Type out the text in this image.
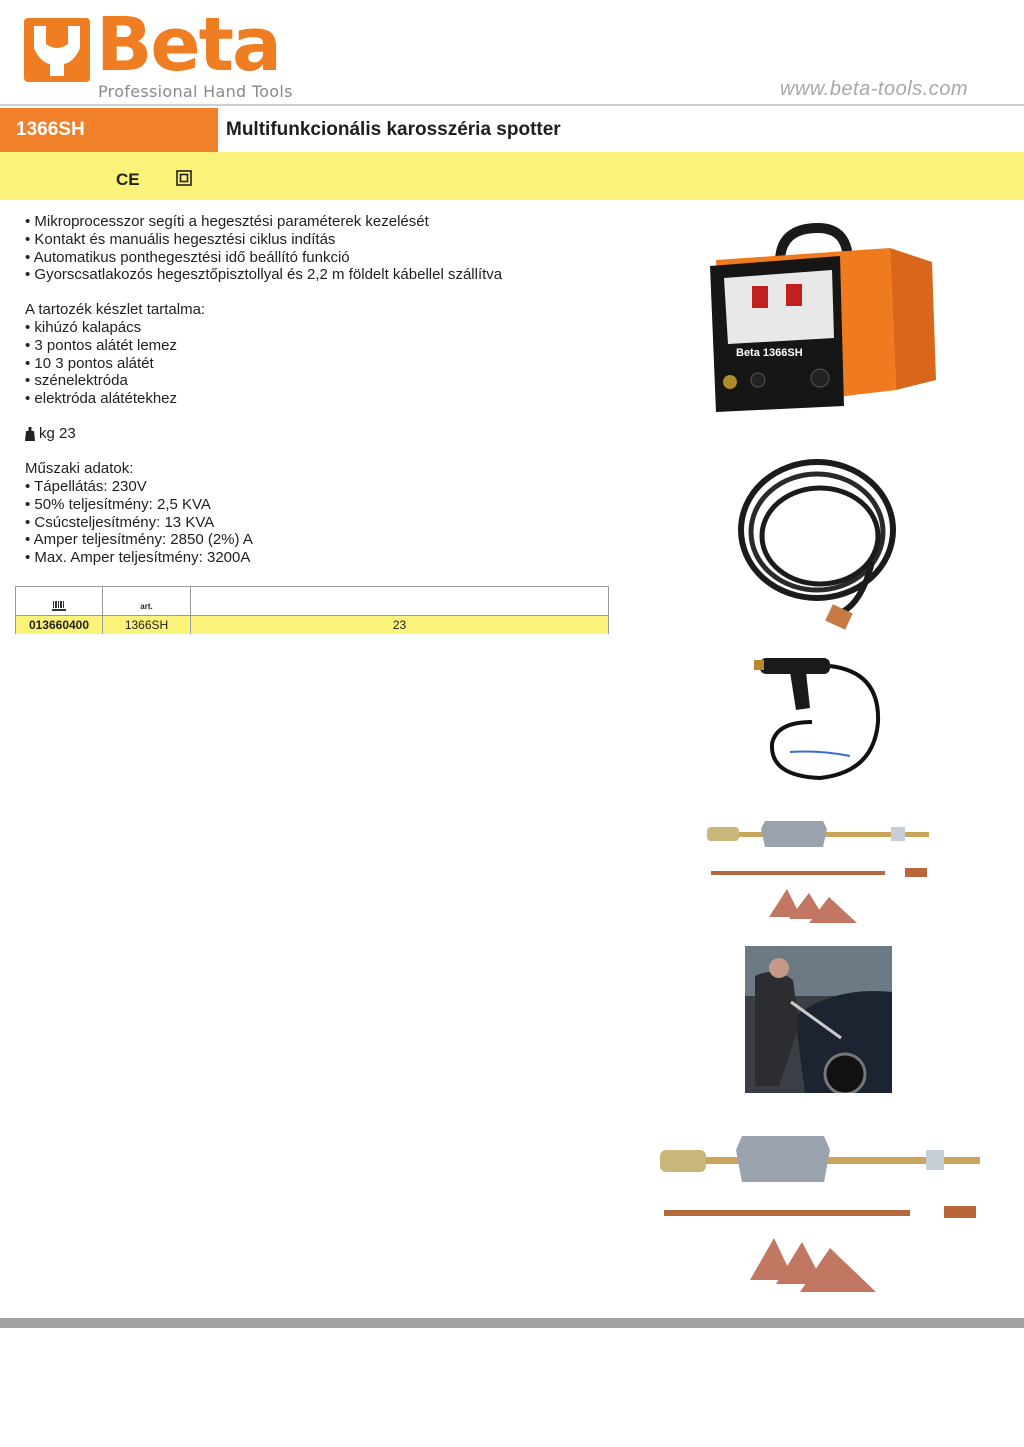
Beta
Professional Hand Tools	www.beta-tools.com
1366SH	Multifunkcionális karosszéria spotter
CE
• Mikroprocesszor segíti a hegesztési paraméterek kezelését
• Kontakt és manuális hegesztési ciklus indítás
• Automatikus ponthegesztési idő beállító funkció
• Gyorscsatlakozós hegesztőpisztollyal és 2,2 m földelt kábellel szállítva
A tartozék készlet tartalma:
• kihúzó kalapács
• 3 pontos alátét lemez
• 10 3 pontos alátét
• szénelektróda
• elektróda alátétekhez
kg 23
Műszaki adatok:
• Tápellátás: 230V
• 50% teljesítmény: 2,5 KVA
• Csúcsteljesítmény: 13 KVA
• Amper teljesítmény: 2850 (2%) A
• Max. Amper teljesítmény: 3200A
art.
013660400	1366SH	23
Beta 1366SH
